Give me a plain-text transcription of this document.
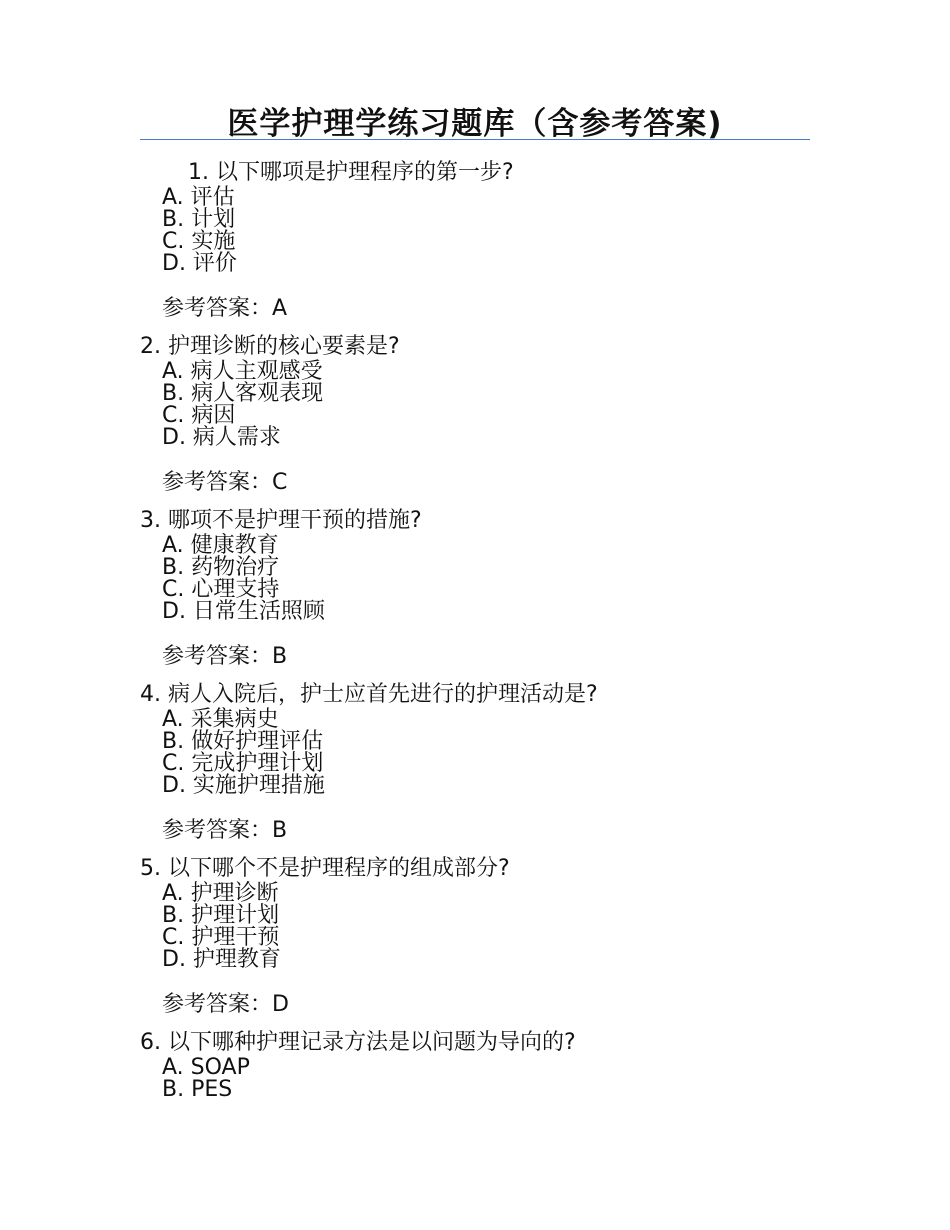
医学护理学练习题库（含参考答案)
1. 以下哪项是护理程序的第一步?
A. 评估
B. 计划
C. 实施
D. 评价
参考答案：A
2. 护理诊断的核心要素是?
A. 病人主观感受
B. 病人客观表现
C. 病因
D. 病人需求
参考答案：C
3. 哪项不是护理干预的措施?
A. 健康教育
B. 药物治疗
C. 心理支持
D. 日常生活照顾
参考答案：B
4. 病人入院后，护士应首先进行的护理活动是?
A. 采集病史
B. 做好护理评估
C. 完成护理计划
D. 实施护理措施
参考答案：B
5. 以下哪个不是护理程序的组成部分?
A. 护理诊断
B. 护理计划
C. 护理干预
D. 护理教育
参考答案：D
6. 以下哪种护理记录方法是以问题为导向的?
A. SOAP
B. PES
